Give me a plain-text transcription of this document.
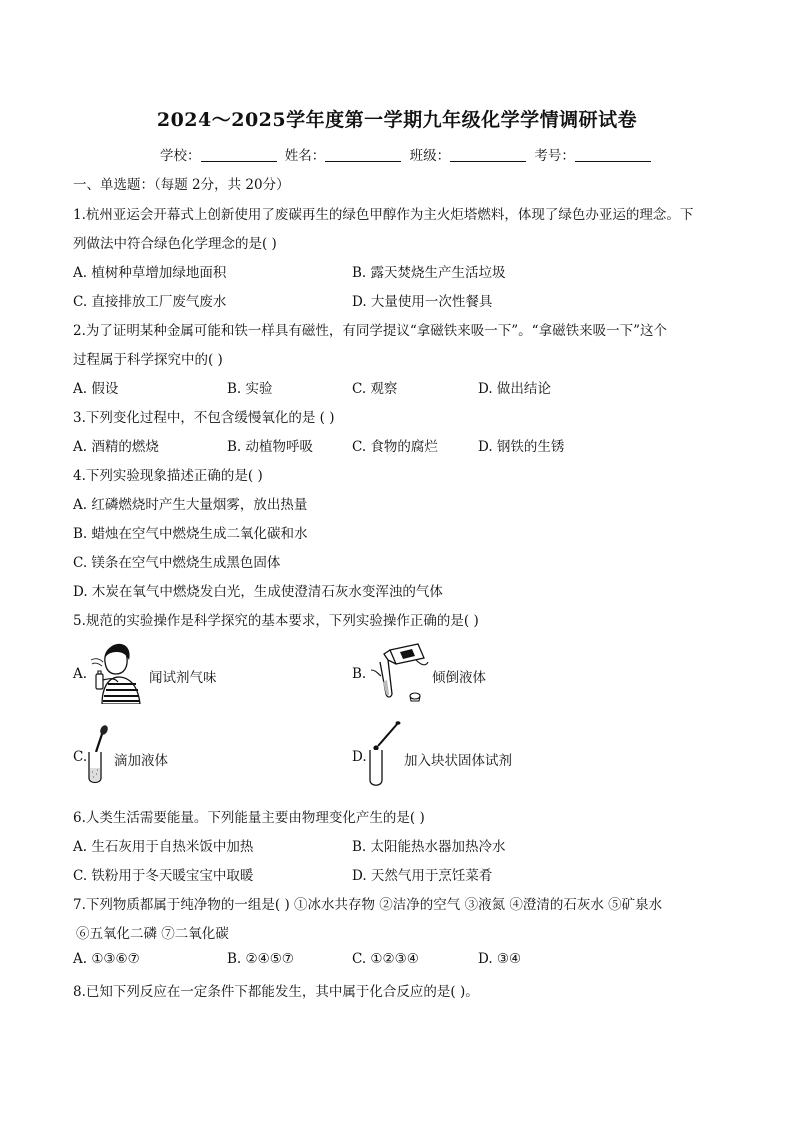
2024～2025学年度第一学期九年级化学学情调研试卷
学校：	姓名：	班级：	考号：
一、单选题：（每题 2分，共 20分）
1.杭州亚运会开幕式上创新使用了废碳再生的绿色甲醇作为主火炬塔燃料，体现了绿色办亚运的理念。下
列做法中符合绿色化学理念的是( )
A. 植树种草增加绿地面积	B. 露天焚烧生产生活垃圾
C. 直接排放工厂废气废水	D. 大量使用一次性餐具
2.为了证明某种金属可能和铁一样具有磁性，有同学提议“拿磁铁来吸一下”。“拿磁铁来吸一下”这个
过程属于科学探究中的( )
A. 假设	B. 实验	C. 观察	D. 做出结论
3.下列变化过程中，不包含缓慢氧化的是 ( )
A. 酒精的燃烧	B. 动植物呼吸	C. 食物的腐烂	D. 钢铁的生锈
4.下列实验现象描述正确的是( )
A. 红磷燃烧时产生大量烟雾，放出热量
B. 蜡烛在空气中燃烧生成二氧化碳和水
C. 镁条在空气中燃烧生成黑色固体
D. 木炭在氧气中燃烧发白光，生成使澄清石灰水变浑浊的气体
5.规范的实验操作是科学探究的基本要求，下列实验操作正确的是( )
A.	闻试剂气味	B.	倾倒液体
C. 滴加液体	D.	加入块状固体试剂
6.人类生活需要能量。下列能量主要由物理变化产生的是( )
A. 生石灰用于自热米饭中加热	B. 太阳能热水器加热冷水
C. 铁粉用于冬天暖宝宝中取暖	D. 天然气用于烹饪菜肴
7.下列物质都属于纯净物的一组是( ) ①冰水共存物 ②洁净的空气 ③液氮 ④澄清的石灰水 ⑤矿泉水
⑥五氧化二磷 ⑦二氧化碳
A. ①③⑥⑦	B. ②④⑤⑦	C. ①②③④	D. ③④
8.已知下列反应在一定条件下都能发生，其中属于化合反应的是( )。
